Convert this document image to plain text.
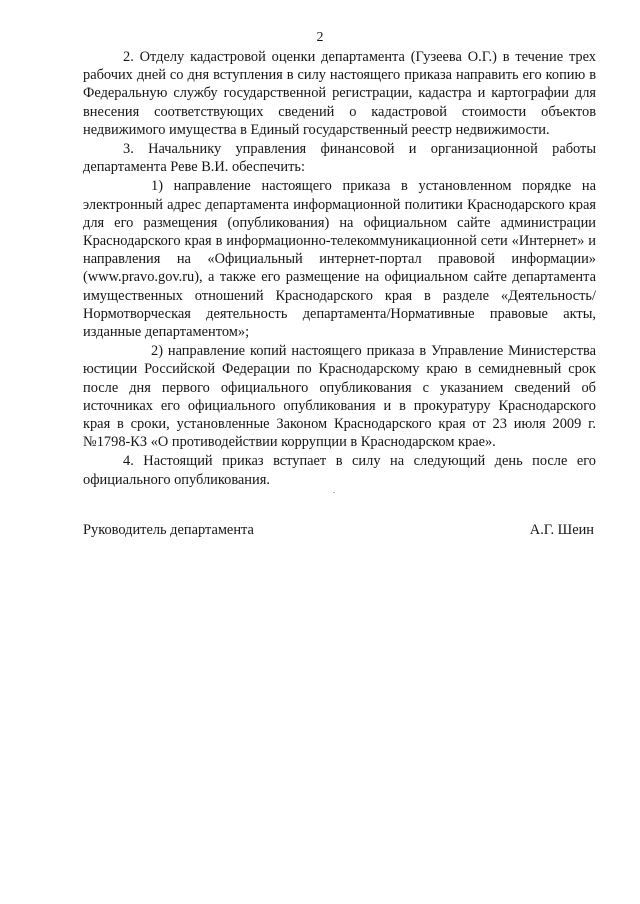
2

2. Отделу кадастровой оценки департамента (Гузеева О.Г.) в течение трех рабочих дней со дня вступления в силу настоящего приказа направить его копию в Федеральную службу государственной регистрации, кадастра и картографии для внесения соответствующих сведений о кадастровой стоимости объектов недвижимого имущества в Единый государственный реестр недвижимости.

3. Начальнику управления финансовой и организационной работы департамента Реве В.И. обеспечить:

1) направление настоящего приказа в установленном порядке на электронный адрес департамента информационной политики Краснодарского края для его размещения (опубликования) на официальном сайте администрации Краснодарского края в информационно-телекоммуникационной сети «Интернет» и направления на «Официальный интернет-портал правовой информации» (www.pravo.gov.ru), а также его размещение на официальном сайте департамента имущественных отношений Краснодарского края в разделе «Деятельность/Нормотворческая деятельность департамента/Нормативные правовые акты, изданные департаментом»;

2) направление копий настоящего приказа в Управление Министерства юстиции Российской Федерации по Краснодарскому краю в семидневный срок после дня первого официального опубликования с указанием сведений об источниках его официального опубликования и в прокуратуру Краснодарского края в сроки, установленные Законом Краснодарского края от 23 июля 2009 г. №1798-КЗ «О противодействии коррупции в Краснодарском крае».

4. Настоящий приказ вступает в силу на следующий день после его официального опубликования.

Руководитель департамента	А.Г. Шеин
